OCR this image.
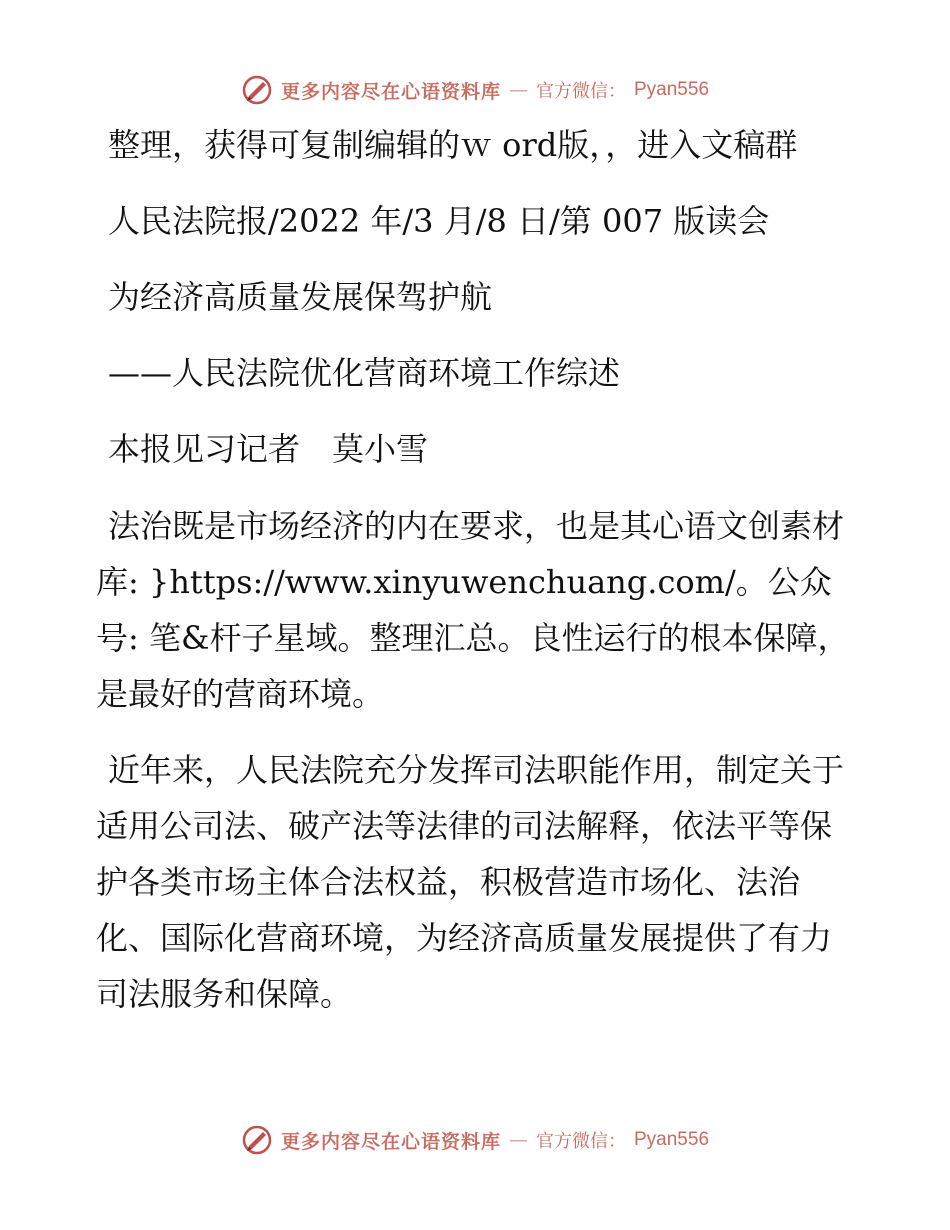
更多内容尽在心语资料库 — 官方微信： Pyan556

整理，获得可复制编辑的ｗ ord版，，进入文稿群

人民法院报/2022 年/3 月/8 日/第 007 版读会

为经济高质量发展保驾护航

——人民法院优化营商环境工作综述

本报见习记者　莫小雪

法治既是市场经济的内在要求，也是其心语文创素材库: }https://www.xinyuwenchuang.com/。公众号: 笔&杆子星域。整理汇总。良性运行的根本保障，是最好的营商环境。

近年来，人民法院充分发挥司法职能作用，制定关于适用公司法、破产法等法律的司法解释，依法平等保护各类市场主体合法权益，积极营造市场化、法治化、国际化营商环境，为经济高质量发展提供了有力司法服务和保障。

更多内容尽在心语资料库 — 官方微信： Pyan556
